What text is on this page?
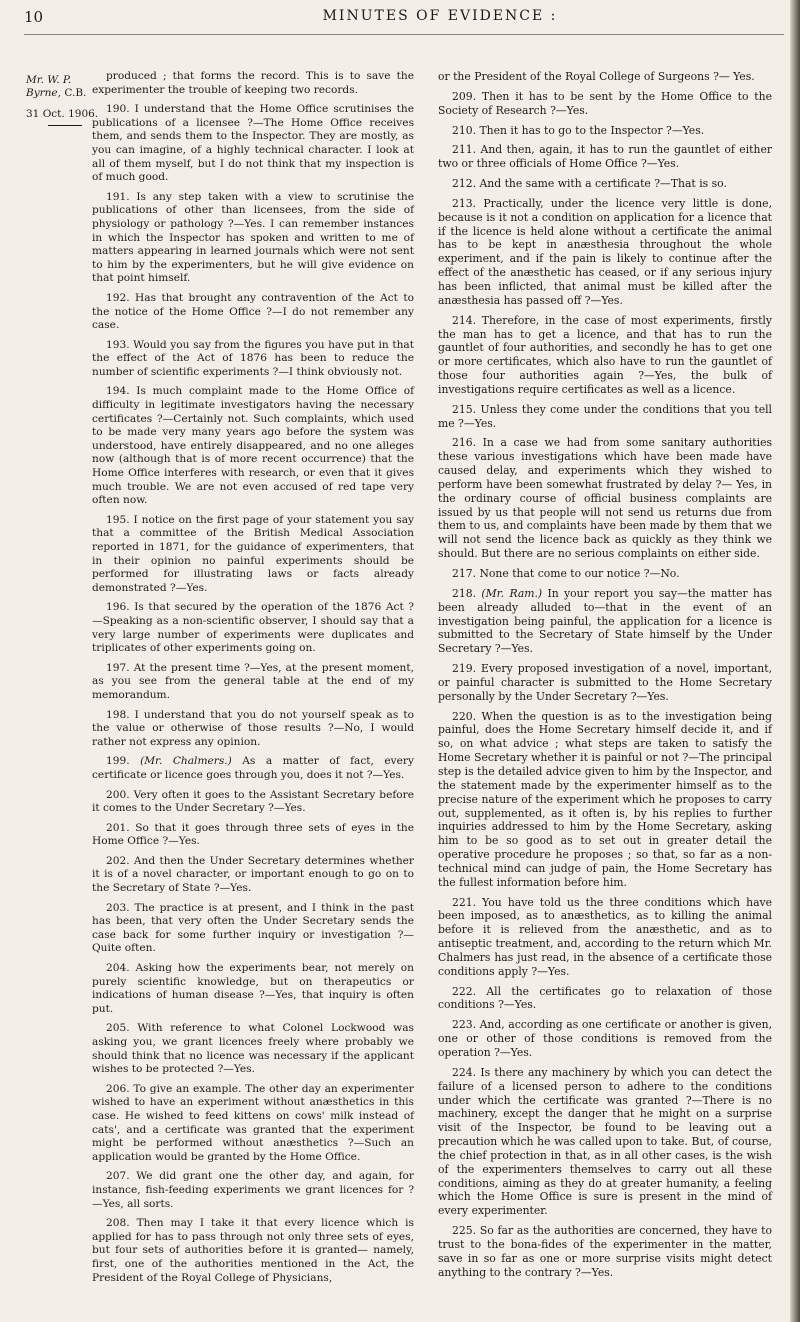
10	MINUTES OF EVIDENCE :
Mr. W. P.
Byrne, C.B.
31 Oct. 1906.

produced ; that forms the record. This is to save the experimenter the trouble of keeping two records.

190. I understand that the Home Office scrutinises the publications of a licensee ?—The Home Office receives them, and sends them to the Inspector. They are mostly, as you can imagine, of a highly technical character. I look at all of them myself, but I do not think that my inspection is of much good.

191. Is any step taken with a view to scrutinise the publications of other than licensees, from the side of physiology or pathology ?—Yes. I can remember instances in which the Inspector has spoken and written to me of matters appearing in learned journals which were not sent to him by the experimenters, but he will give evidence on that point himself.

192. Has that brought any contravention of the Act to the notice of the Home Office ?—I do not remember any case.

193. Would you say from the figures you have put in that the effect of the Act of 1876 has been to reduce the number of scientific experiments ?—I think obviously not.

194. Is much complaint made to the Home Office of difficulty in legitimate investigators having the necessary certificates ?—Certainly not. Such complaints, which used to be made very many years ago before the system was understood, have entirely disappeared, and no one alleges now (although that is of more recent occurrence) that the Home Office interferes with research, or even that it gives much trouble. We are not even accused of red tape very often now.

195. I notice on the first page of your statement you say that a committee of the British Medical Association reported in 1871, for the guidance of experimenters, that in their opinion no painful experiments should be performed for illustrating laws or facts already demonstrated ?—Yes.

196. Is that secured by the operation of the 1876 Act ? —Speaking as a non-scientific observer, I should say that a very large number of experiments were duplicates and triplicates of other experiments going on.

197. At the present time ?—Yes, at the present moment, as you see from the general table at the end of my memorandum.

198. I understand that you do not yourself speak as to the value or otherwise of those results ?—No, I would rather not express any opinion.

199. (Mr. Chalmers.) As a matter of fact, every certificate or licence goes through you, does it not ?—Yes.

200. Very often it goes to the Assistant Secretary before it comes to the Under Secretary ?—Yes.

201. So that it goes through three sets of eyes in the Home Office ?—Yes.

202. And then the Under Secretary determines whether it is of a novel character, or important enough to go on to the Secretary of State ?—Yes.

203. The practice is at present, and I think in the past has been, that very often the Under Secretary sends the case back for some further inquiry or investigation ?—Quite often.

204. Asking how the experiments bear, not merely on purely scientific knowledge, but on therapeutics or indications of human disease ?—Yes, that inquiry is often put.

205. With reference to what Colonel Lockwood was asking you, we grant licences freely where probably we should think that no licence was necessary if the applicant wishes to be protected ?—Yes.

206. To give an example. The other day an experimenter wished to have an experiment without anæsthetics in this case. He wished to feed kittens on cows' milk instead of cats', and a certificate was granted that the experiment might be performed without anæsthetics ?—Such an application would be granted by the Home Office.

207. We did grant one the other day, and again, for instance, fish-feeding experiments we grant licences for ? —Yes, all sorts.

208. Then may I take it that every licence which is applied for has to pass through not only three sets of eyes, but four sets of authorities before it is granted— namely, first, one of the authorities mentioned in the Act, the President of the Royal College of Physicians,

or the President of the Royal College of Surgeons ?— Yes.

209. Then it has to be sent by the Home Office to the Society of Research ?—Yes.

210. Then it has to go to the Inspector ?—Yes.

211. And then, again, it has to run the gauntlet of either two or three officials of Home Office ?—Yes.

212. And the same with a certificate ?—That is so.

213. Practically, under the licence very little is done, because is it not a condition on application for a licence that if the licence is held alone without a certificate the animal has to be kept in anæsthesia throughout the whole experiment, and if the pain is likely to continue after the effect of the anæsthetic has ceased, or if any serious injury has been inflicted, that animal must be killed after the anæsthesia has passed off ?—Yes.

214. Therefore, in the case of most experiments, firstly the man has to get a licence, and that has to run the gauntlet of four authorities, and secondly he has to get one or more certificates, which also have to run the gauntlet of those four authorities again ?—Yes, the bulk of investigations require certificates as well as a licence.

215. Unless they come under the conditions that you tell me ?—Yes.

216. In a case we had from some sanitary authorities these various investigations which have been made have caused delay, and experiments which they wished to perform have been somewhat frustrated by delay ?— Yes, in the ordinary course of official business complaints are issued by us that people will not send us returns due from them to us, and complaints have been made by them that we will not send the licence back as quickly as they think we should. But there are no serious complaints on either side.

217. None that come to our notice ?—No.

218. (Mr. Ram.) In your report you say—the matter has been already alluded to—that in the event of an investigation being painful, the application for a licence is submitted to the Secretary of State himself by the Under Secretary ?—Yes.

219. Every proposed investigation of a novel, important, or painful character is submitted to the Home Secretary personally by the Under Secretary ?—Yes.

220. When the question is as to the investigation being painful, does the Home Secretary himself decide it, and if so, on what advice ; what steps are taken to satisfy the Home Secretary whether it is painful or not ?—The principal step is the detailed advice given to him by the Inspector, and the statement made by the experimenter himself as to the precise nature of the experiment which he proposes to carry out, supplemented, as it often is, by his replies to further inquiries addressed to him by the Home Secretary, asking him to be so good as to set out in greater detail the operative procedure he proposes ; so that, so far as a non-technical mind can judge of pain, the Home Secretary has the fullest information before him.

221. You have told us the three conditions which have been imposed, as to anæsthetics, as to killing the animal before it is relieved from the anæsthetic, and as to antiseptic treatment, and, according to the return which Mr. Chalmers has just read, in the absence of a certificate those conditions apply ?—Yes.

222. All the certificates go to relaxation of those conditions ?—Yes.

223. And, according as one certificate or another is given, one or other of those conditions is removed from the operation ?—Yes.

224. Is there any machinery by which you can detect the failure of a licensed person to adhere to the conditions under which the certificate was granted ?—There is no machinery, except the danger that he might on a surprise visit of the Inspector, be found to be leaving out a precaution which he was called upon to take. But, of course, the chief protection in that, as in all other cases, is the wish of the experimenters themselves to carry out all these conditions, aiming as they do at greater humanity, a feeling which the Home Office is sure is present in the mind of every experimenter.

225. So far as the authorities are concerned, they have to trust to the bona-fides of the experimenter in the matter, save in so far as one or more surprise visits might detect anything to the contrary ?—Yes.
